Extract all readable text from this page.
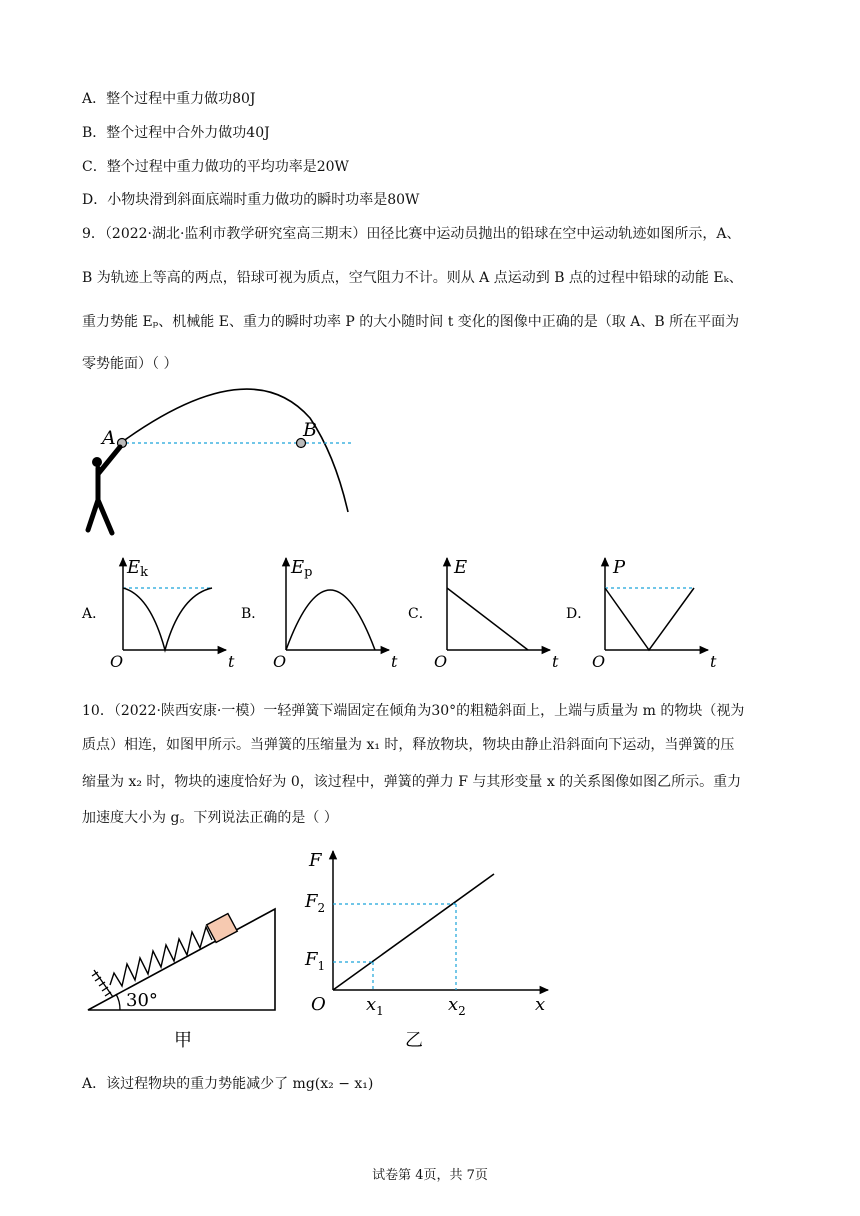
A．整个过程中重力做功80J
B．整个过程中合外力做功40J
C．整个过程中重力做功的平均功率是20W
D．小物块滑到斜面底端时重力做功的瞬时功率是80W
9．（2022·湖北·监利市教学研究室高三期末）田径比赛中运动员抛出的铅球在空中运动轨迹如图所示，A、
B 为轨迹上等高的两点，铅球可视为质点，空气阻力不计。则从 A 点运动到 B 点的过程中铅球的动能 Eₖ、
重力势能 Eₚ、机械能 E、重力的瞬时功率 P 的大小随时间 t 变化的图像中正确的是（取 A、B 所在平面为
零势能面）（ ）
A	B
A．
Ek
O	t
B．
Ep
O	t
C．
E
O	t
D．
P
O	t
10．（2022·陕西安康·一模）一轻弹簧下端固定在倾角为30°的粗糙斜面上，上端与质量为 m 的物块（视为
质点）相连，如图甲所示。当弹簧的压缩量为 x₁ 时，释放物块，物块由静止沿斜面向下运动，当弹簧的压
缩量为 x₂ 时，物块的速度恰好为 0，该过程中，弹簧的弹力 F 与其形变量 x 的关系图像如图乙所示。重力
加速度大小为 g。下列说法正确的是（ ）
30°
甲
F
x
O
$F_2$
$F_1$
$x_1$	$x_2$
乙
A．该过程物块的重力势能减少了 mg(x₂ − x₁)
试卷第 4页，共 7页
